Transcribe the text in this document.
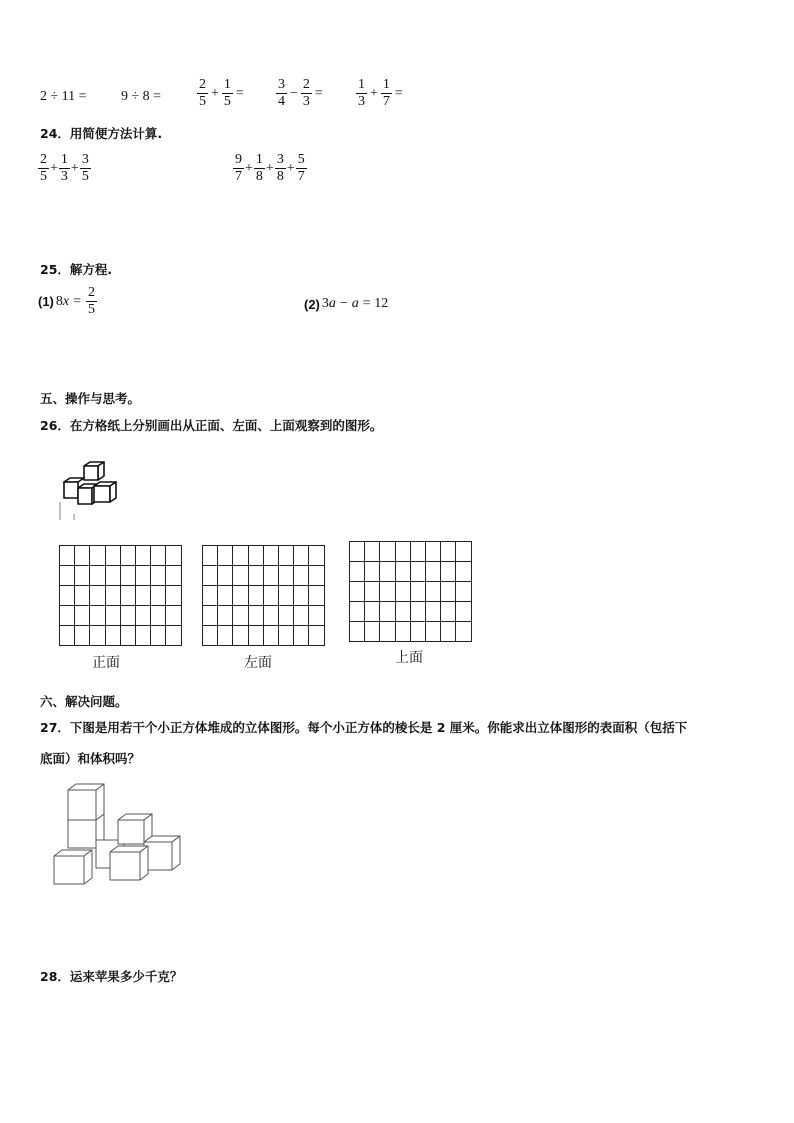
2 ÷ 11 = 9 ÷ 8 =	$\frac{2}{5} + \frac{1}{5} = \frac{3}{4} - \frac{2}{3} = \frac{1}{3} + \frac{1}{7}$ =
24．用简便方法计算.
$\frac{2}{5} + \frac{1}{3} + \frac{3}{5}$	$\frac{9}{7} + \frac{1}{8} + \frac{3}{8} + \frac{5}{7}$
25．解方程.
(1) 8 $x = \frac{2}{5}$	(2) 3 a − a = 12
五、操作与思考。
26．在方格纸上分别画出从正面、左面、上面观察到的图形。

正面

								左面

								上面
六、解决问题。
27．下图是用若干个小正方体堆成的立体图形。每个小正方体的棱长是 2 厘米。你能求出立体图形的表面积（包括下
底面）和体积吗？
28．运来苹果多少千克？
